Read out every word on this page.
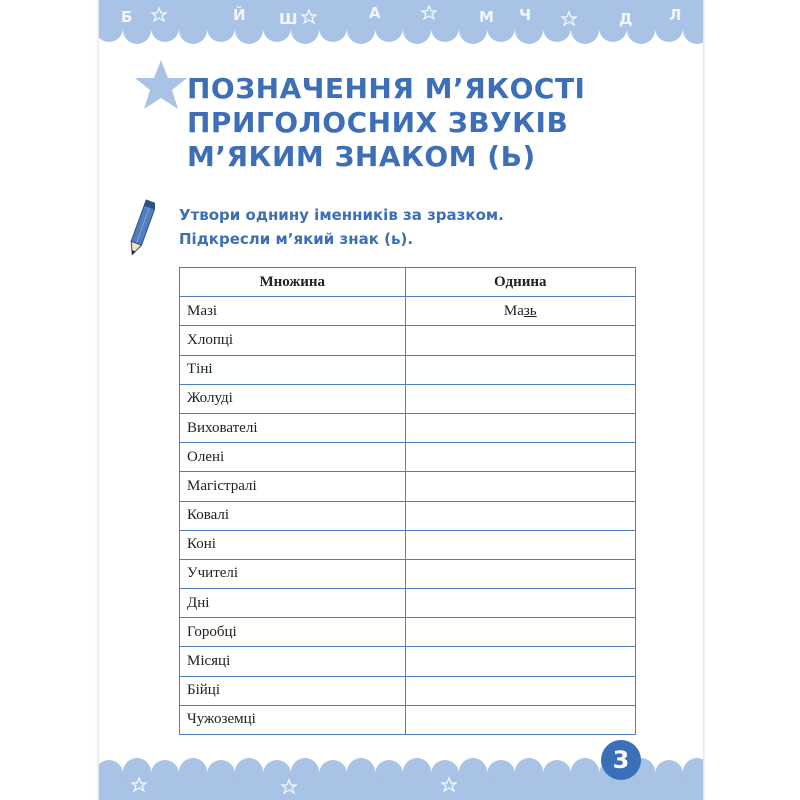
Б	Й Ш	А	М Ч	Д Л
ПОЗНАЧЕННЯ М’ЯКОСТІ
ПРИГОЛОСНИХ ЗВУКІВ
М’ЯКИМ ЗНАКОМ (Ь)

Утвори однину іменників за зразком.
Підкресли м’який знак (ь).

Множина	Однина
Мазі	Мазь
Хлопці	
Тіні	
Жолуді	
Вихователі	
Олені	
Магістралі	
Ковалі	
Коні	
Учителі	
Дні	
Горобці	
Місяці	
Бійці	
Чужоземці	
3
